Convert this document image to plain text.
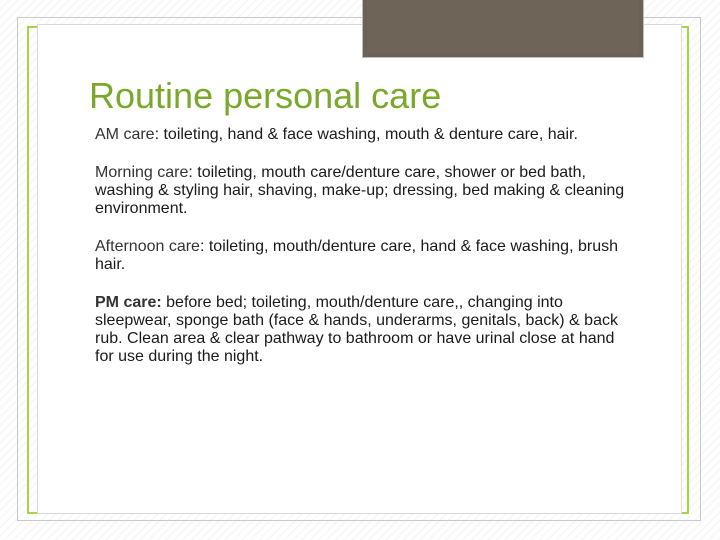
Routine personal care
AM care: toileting, hand & face washing, mouth & denture care, hair.
Morning care: toileting, mouth care/denture care, shower or bed bath, washing & styling hair, shaving, make-up; dressing, bed making & cleaning environment.
Afternoon care: toileting, mouth/denture care, hand & face washing, brush hair.
PM care: before bed; toileting, mouth/denture care,, changing into sleepwear, sponge bath (face & hands, underarms, genitals, back) & back rub. Clean area & clear pathway to bathroom or have urinal close at hand for use during the night.
